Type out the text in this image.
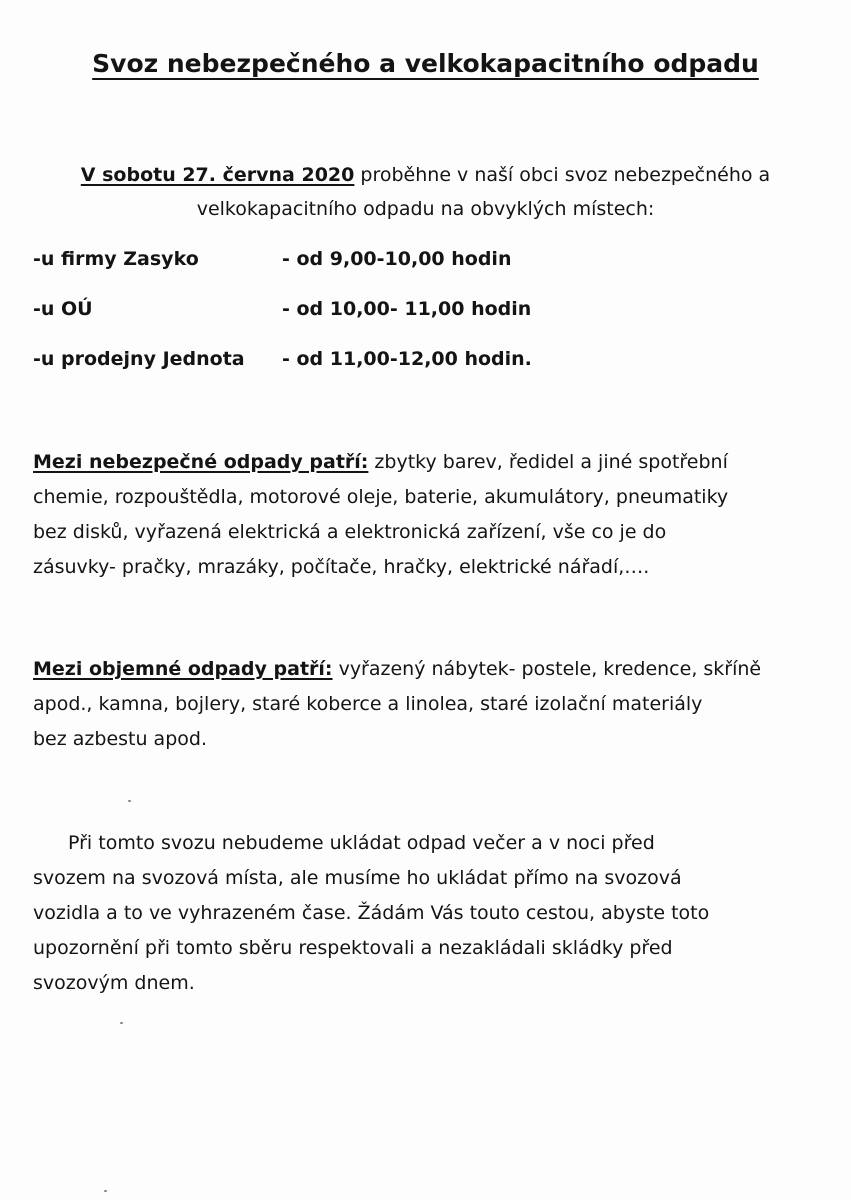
Svoz nebezpečného a velkokapacitního odpadu
V sobotu 27. června 2020 proběhne v naší obci svoz nebezpečného a
velkokapacitního odpadu na obvyklých místech:
-u firmy Zasyko	- od 9,00-10,00 hodin
-u OÚ	- od 10,00- 11,00 hodin
-u prodejny Jednota - od 11,00-12,00 hodin.
Mezi nebezpečné odpady patří: zbytky barev, ředidel a jiné spotřební
chemie, rozpouštědla, motorové oleje, baterie, akumulátory, pneumatiky
bez disků, vyřazená elektrická a elektronická zařízení, vše co je do
zásuvky- pračky, mrazáky, počítače, hračky, elektrické nářadí,….
Mezi objemné odpady patří: vyřazený nábytek- postele, kredence, skříně
apod., kamna, bojlery, staré koberce a linolea, staré izolační materiály
bez azbestu apod.
Při tomto svozu nebudeme ukládat odpad večer a v noci před
svozem na svozová místa, ale musíme ho ukládat přímo na svozová
vozidla a to ve vyhrazeném čase. Žádám Vás touto cestou, abyste toto
upozornění při tomto sběru respektovali a nezakládali skládky před
svozovým dnem.
